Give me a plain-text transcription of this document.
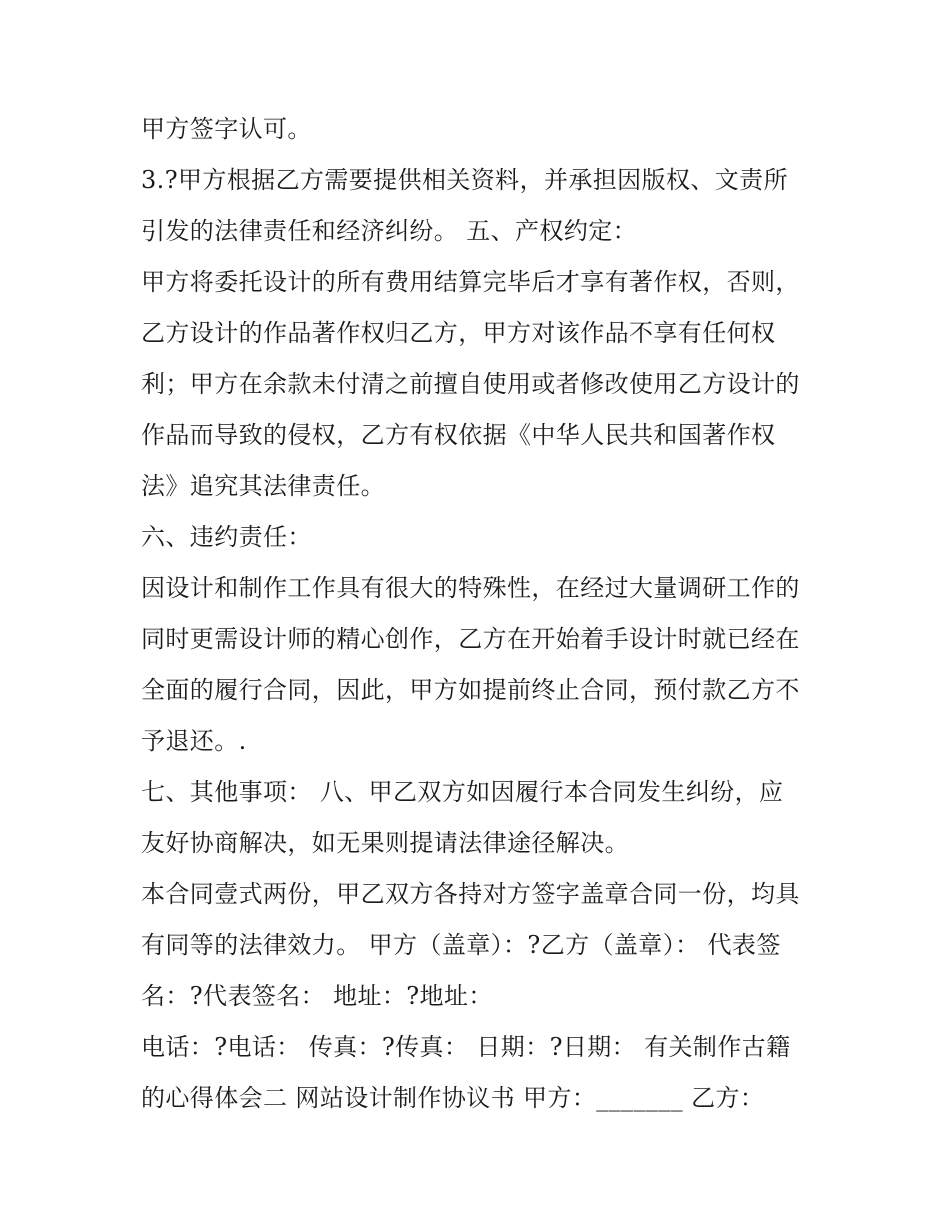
甲方签字认可。
3.?甲方根据乙方需要提供相关资料，并承担因版权、文责所
引发的法律责任和经济纠纷。 五、产权约定：
甲方将委托设计的所有费用结算完毕后才享有著作权，否则，
乙方设计的作品著作权归乙方，甲方对该作品不享有任何权
利；甲方在余款未付清之前擅自使用或者修改使用乙方设计的
作品而导致的侵权，乙方有权依据《中华人民共和国著作权
法》追究其法律责任。
六、违约责任：
因设计和制作工作具有很大的特殊性，在经过大量调研工作的
同时更需设计师的精心创作，乙方在开始着手设计时就已经在
全面的履行合同，因此，甲方如提前终止合同，预付款乙方不
予退还。.
七、其他事项： 八、甲乙双方如因履行本合同发生纠纷，应
友好协商解决，如无果则提请法律途径解决。
本合同壹式两份，甲乙双方各持对方签字盖章合同一份，均具
有同等的法律效力。 甲方（盖章）：?乙方（盖章）： 代表签
名：?代表签名： 地址：?地址：
电话：?电话： 传真：?传真： 日期：?日期： 有关制作古籍
的心得体会二 网站设计制作协议书 甲方：_______ 乙方：
